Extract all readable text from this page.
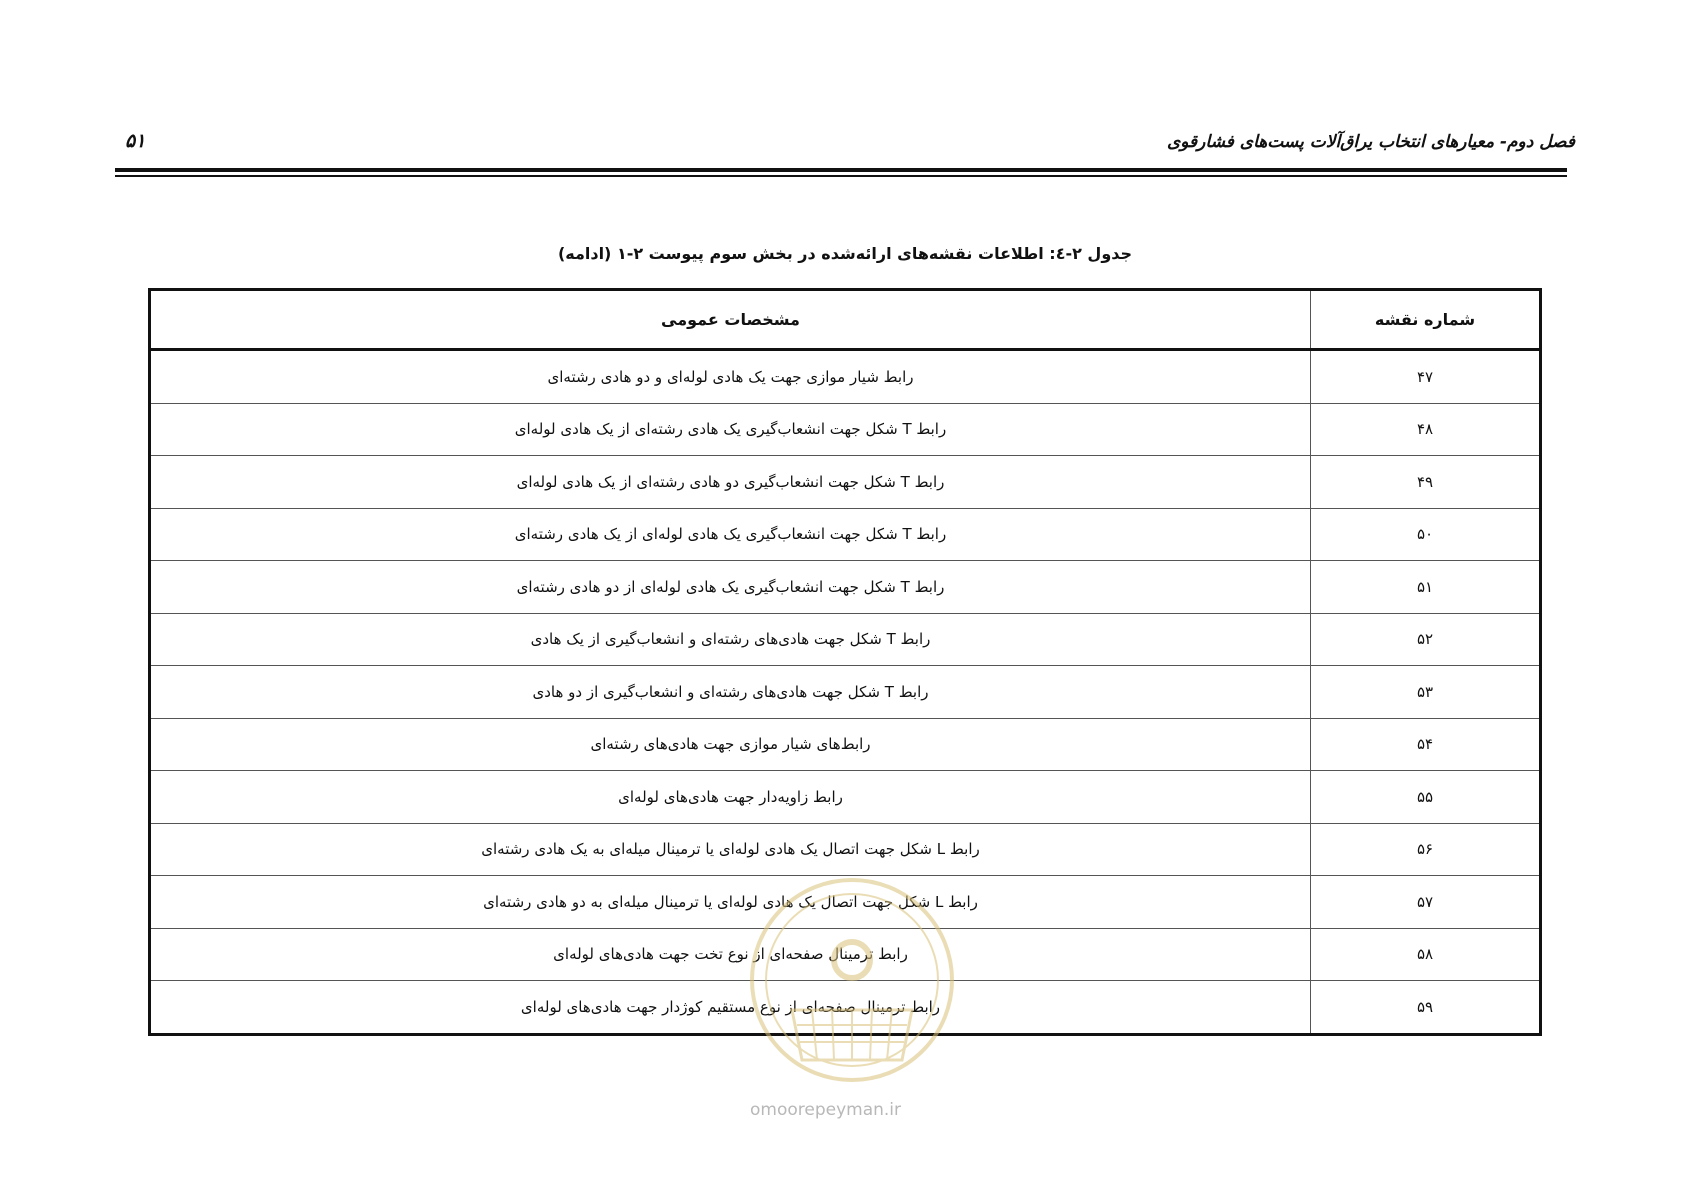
فصل دوم- معیارهای انتخاب یراق‌آلات پست‌های فشارقوی
۵۱
جدول ۲-٤: اطلاعات نقشه‌های ارائه‌شده در بخش سوم پیوست ۲-۱ (ادامه)
شماره نقشه	مشخصات عمومی
۴۷	رابط شیار موازی جهت یک هادی لوله‌ای و دو هادی رشته‌ای
۴۸	رابط T شکل جهت انشعاب‌گیری یک هادی رشته‌ای از یک هادی لوله‌ای
۴۹	رابط T شکل جهت انشعاب‌گیری دو هادی رشته‌ای از یک هادی لوله‌ای
۵۰	رابط T شکل جهت انشعاب‌گیری یک هادی لوله‌ای از یک هادی رشته‌ای
۵۱	رابط T شکل جهت انشعاب‌گیری یک هادی لوله‌ای از دو هادی رشته‌ای
۵۲	رابط T شکل جهت هادی‌های رشته‌ای و انشعاب‌گیری از یک هادی
۵۳	رابط T شکل جهت هادی‌های رشته‌ای و انشعاب‌گیری از دو هادی
۵۴	رابط‌های شیار موازی جهت هادی‌های رشته‌ای
۵۵	رابط زاویه‌دار جهت هادی‌های لوله‌ای
۵۶	رابط L شکل جهت اتصال یک هادی لوله‌ای یا ترمینال میله‌ای به یک هادی رشته‌ای
۵۷	رابط L شکل جهت اتصال یک هادی لوله‌ای یا ترمینال میله‌ای به دو هادی رشته‌ای
۵۸	رابط ترمینال صفحه‌ای از نوع تخت جهت هادی‌های لوله‌ای
۵۹	رابط ترمینال صفحه‌ای از نوع مستقیم کوژدار جهت هادی‌های لوله‌ای
omoorepeyman.ir
